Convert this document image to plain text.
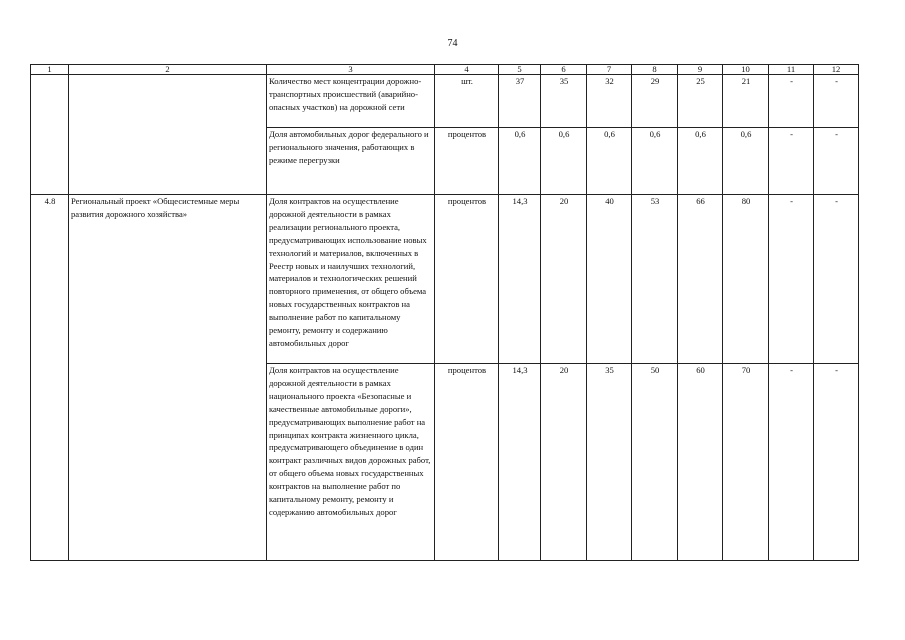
74
1	2	3	4	5	6	7	8	9	10	11	12
		Количество мест концентрации дорожно-транспортных происшествий (аварийно-опасных участков) на дорожной сети	шт.	37	35	32	29	25	21	-	-
		Доля автомобильных дорог федерального и регионального значения, работающих в режиме перегрузки	процентов	0,6	0,6	0,6	0,6	0,6	0,6	-	-
4.8	Региональный проект «Общесистемные меры развития дорожного хозяйства»	Доля контрактов на осуществление дорожной деятельности в рамках реализации регионального проекта, предусматривающих использование новых технологий и материалов, включенных в Реестр новых и наилучших технологий, материалов и технологических решений повторного применения, от общего объема новых государственных контрактов на выполнение работ по капитальному ремонту, ремонту и содержанию автомобильных дорог	процентов	14,3	20	40	53	66	80	-	-
		Доля контрактов на осуществление дорожной деятельности в рамках национального проекта «Безопасные и качественные автомобильные дороги», предусматривающих выполнение работ на принципах контракта жизненного цикла, предусматривающего объединение в один контракт различных видов дорожных работ, от общего объема новых государственных контрактов на выполнение работ по капитальному ремонту, ремонту и содержанию автомобильных дорог	процентов	14,3	20	35	50	60	70	-	-
